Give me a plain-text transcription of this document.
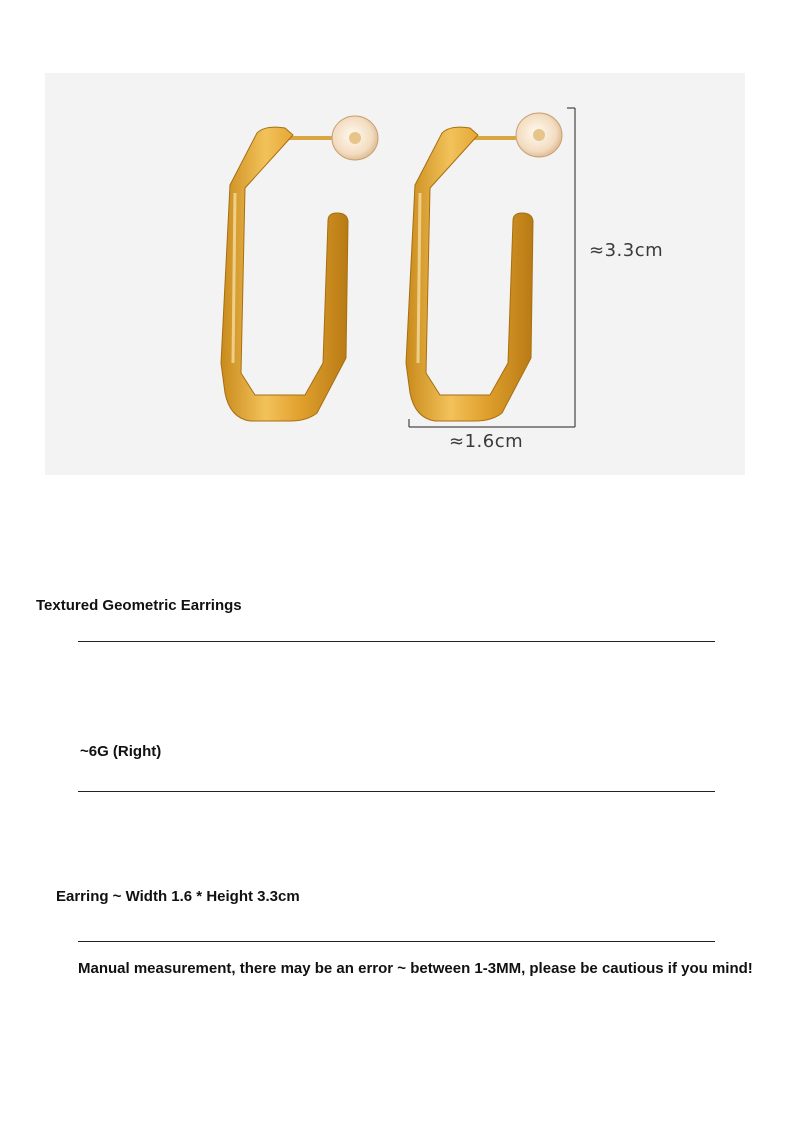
≈3.3cm
≈1.6cm
Textured Geometric Earrings
~6G (Right)
Earring ~ Width 1.6 * Height 3.3cm
Manual measurement, there may be an error ~ between 1-3MM, please be cautious if you mind!
